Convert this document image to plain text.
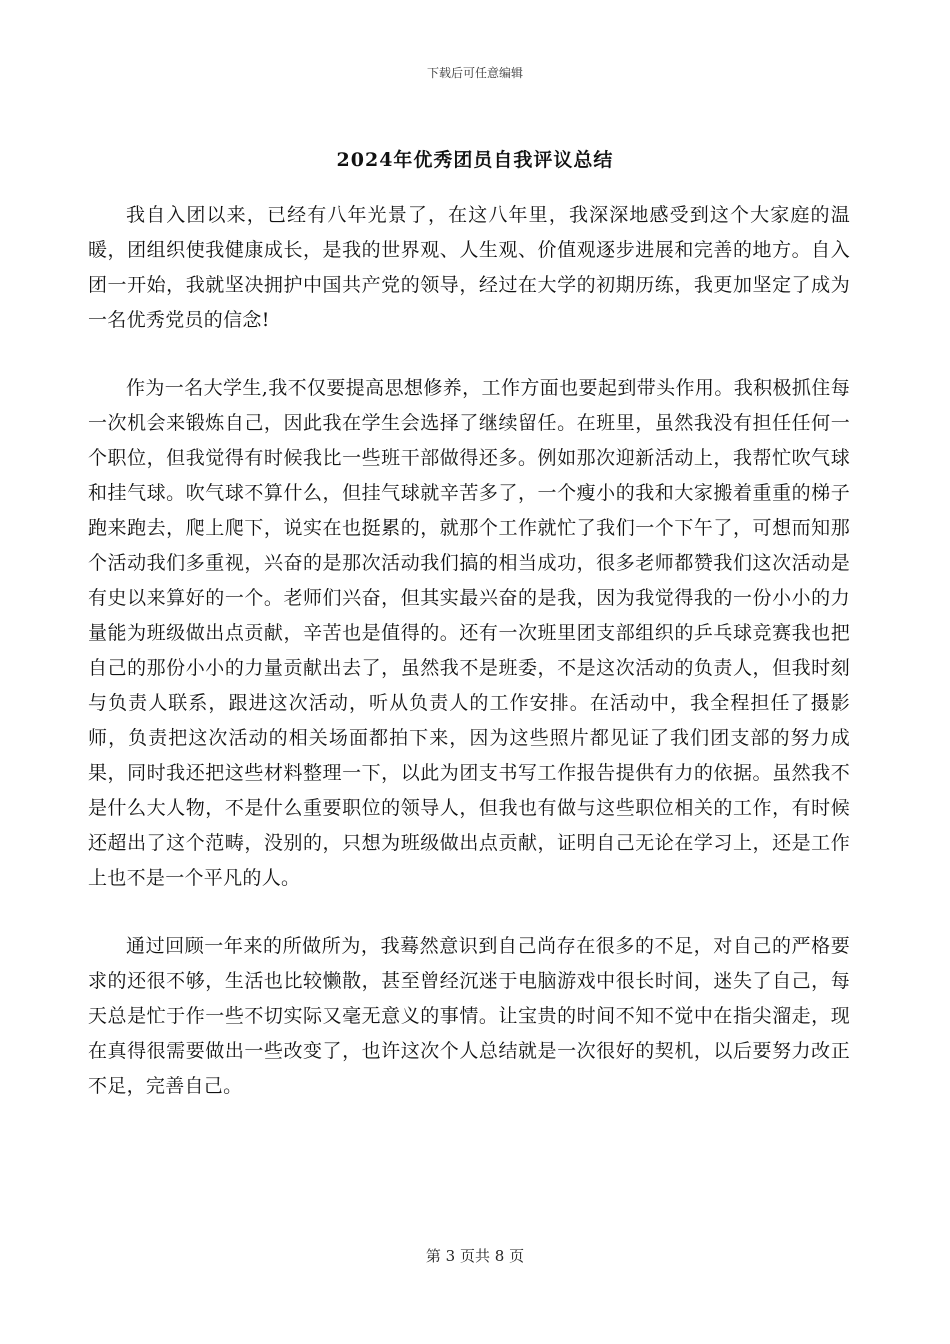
下载后可任意编辑
2024年优秀团员自我评议总结

我自入团以来，已经有八年光景了，在这八年里，我深深地感受到这个大家庭的温暖，团组织使我健康成长，是我的世界观、人生观、价值观逐步进展和完善的地方。自入团一开始，我就坚决拥护中国共产党的领导，经过在大学的初期历练，我更加坚定了成为一名优秀党员的信念!

作为一名大学生,我不仅要提高思想修养，工作方面也要起到带头作用。我积极抓住每一次机会来锻炼自己，因此我在学生会选择了继续留任。在班里，虽然我没有担任任何一个职位，但我觉得有时候我比一些班干部做得还多。例如那次迎新活动上，我帮忙吹气球和挂气球。吹气球不算什么，但挂气球就辛苦多了，一个瘦小的我和大家搬着重重的梯子跑来跑去，爬上爬下，说实在也挺累的，就那个工作就忙了我们一个下午了，可想而知那个活动我们多重视，兴奋的是那次活动我们搞的相当成功，很多老师都赞我们这次活动是有史以来算好的一个。老师们兴奋，但其实最兴奋的是我，因为我觉得我的一份小小的力量能为班级做出点贡献，辛苦也是值得的。还有一次班里团支部组织的乒乓球竞赛我也把自己的那份小小的力量贡献出去了，虽然我不是班委，不是这次活动的负责人，但我时刻与负责人联系，跟进这次活动，听从负责人的工作安排。在活动中，我全程担任了摄影师，负责把这次活动的相关场面都拍下来，因为这些照片都见证了我们团支部的努力成果，同时我还把这些材料整理一下，以此为团支书写工作报告提供有力的依据。虽然我不是什么大人物，不是什么重要职位的领导人，但我也有做与这些职位相关的工作，有时候还超出了这个范畴，没别的，只想为班级做出点贡献，证明自己无论在学习上，还是工作上也不是一个平凡的人。

通过回顾一年来的所做所为，我蓦然意识到自己尚存在很多的不足，对自己的严格要求的还很不够，生活也比较懒散，甚至曾经沉迷于电脑游戏中很长时间，迷失了自己，每天总是忙于作一些不切实际又毫无意义的事情。让宝贵的时间不知不觉中在指尖溜走，现在真得很需要做出一些改变了，也许这次个人总结就是一次很好的契机，以后要努力改正不足，完善自己。

第 3 页共 8 页
